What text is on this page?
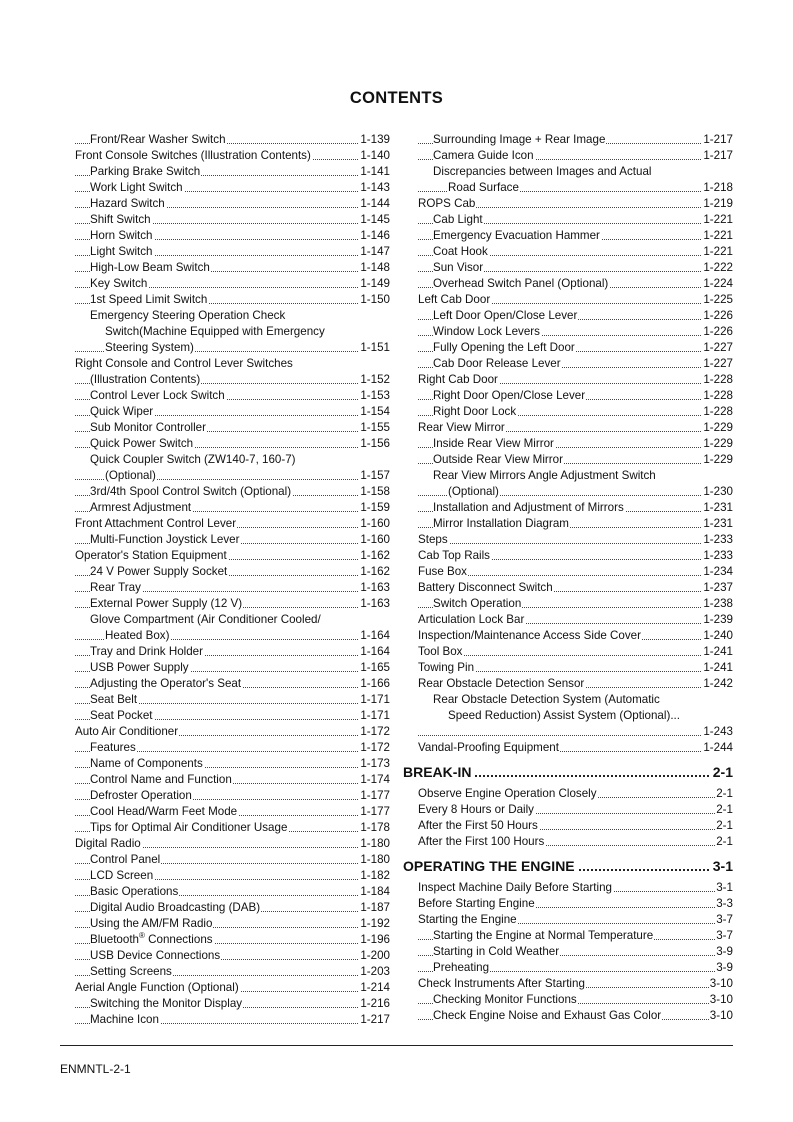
CONTENTS
Front/Rear Washer Switch	1-139
Front Console Switches (Illustration Contents)	1-140
Parking Brake Switch	1-141
Work Light Switch	1-143
Hazard Switch	1-144
Shift Switch	1-145
Horn Switch	1-146
Light Switch	1-147
High-Low Beam Switch	1-148
Key Switch	1-149
1st Speed Limit Switch	1-150
Emergency Steering Operation Check
Switch(Machine Equipped with Emergency
Steering System)	1-151
Right Console and Control Lever Switches
(Illustration Contents)	1-152
Control Lever Lock Switch	1-153
Quick Wiper	1-154
Sub Monitor Controller	1-155
Quick Power Switch	1-156
Quick Coupler Switch (ZW140-7, 160-7)
(Optional)	1-157
3rd/4th Spool Control Switch (Optional)	1-158
Armrest Adjustment	1-159
Front Attachment Control Lever	1-160
Multi-Function Joystick Lever	1-160
Operator's Station Equipment	1-162
24 V Power Supply Socket	1-162
Rear Tray	1-163
External Power Supply (12 V)	1-163
Glove Compartment (Air Conditioner Cooled/
Heated Box)	1-164
Tray and Drink Holder	1-164
USB Power Supply	1-165
Adjusting the Operator's Seat	1-166
Seat Belt	1-171
Seat Pocket	1-171
Auto Air Conditioner	1-172
Features	1-172
Name of Components	1-173
Control Name and Function	1-174
Defroster Operation	1-177
Cool Head/Warm Feet Mode	1-177
Tips for Optimal Air Conditioner Usage	1-178
Digital Radio	1-180
Control Panel	1-180
LCD Screen	1-182
Basic Operations	1-184
Digital Audio Broadcasting (DAB)	1-187
Using the AM/FM Radio	1-192
Bluetooth® Connections	1-196
USB Device Connections	1-200
Setting Screens	1-203
Aerial Angle Function (Optional)	1-214
Switching the Monitor Display	1-216
Machine Icon	1-217
Surrounding Image + Rear Image	1-217
Camera Guide Icon	1-217
Discrepancies between Images and Actual
Road Surface	1-218
ROPS Cab	1-219
Cab Light	1-221
Emergency Evacuation Hammer	1-221
Coat Hook	1-221
Sun Visor	1-222
Overhead Switch Panel (Optional)	1-224
Left Cab Door	1-225
Left Door Open/Close Lever	1-226
Window Lock Levers	1-226
Fully Opening the Left Door	1-227
Cab Door Release Lever	1-227
Right Cab Door	1-228
Right Door Open/Close Lever	1-228
Right Door Lock	1-228
Rear View Mirror	1-229
Inside Rear View Mirror	1-229
Outside Rear View Mirror	1-229
Rear View Mirrors Angle Adjustment Switch
(Optional)	1-230
Installation and Adjustment of Mirrors	1-231
Mirror Installation Diagram	1-231
Steps	1-233
Cab Top Rails	1-233
Fuse Box	1-234
Battery Disconnect Switch	1-237
Switch Operation	1-238
Articulation Lock Bar	1-239
Inspection/Maintenance Access Side Cover	1-240
Tool Box	1-241
Towing Pin	1-241
Rear Obstacle Detection Sensor	1-242
Rear Obstacle Detection System (Automatic
Speed Reduction) Assist System (Optional)...
1-243
Vandal-Proofing Equipment	1-244
BREAK-IN	2-1
Observe Engine Operation Closely	2-1
Every 8 Hours or Daily	2-1
After the First 50 Hours	2-1
After the First 100 Hours	2-1
OPERATING THE ENGINE	3-1
Inspect Machine Daily Before Starting	3-1
Before Starting Engine	3-3
Starting the Engine	3-7
Starting the Engine at Normal Temperature	3-7
Starting in Cold Weather	3-9
Preheating	3-9
Check Instruments After Starting	3-10
Checking Monitor Functions	3-10
Check Engine Noise and Exhaust Gas Color	3-10
ENMNTL-2-1
